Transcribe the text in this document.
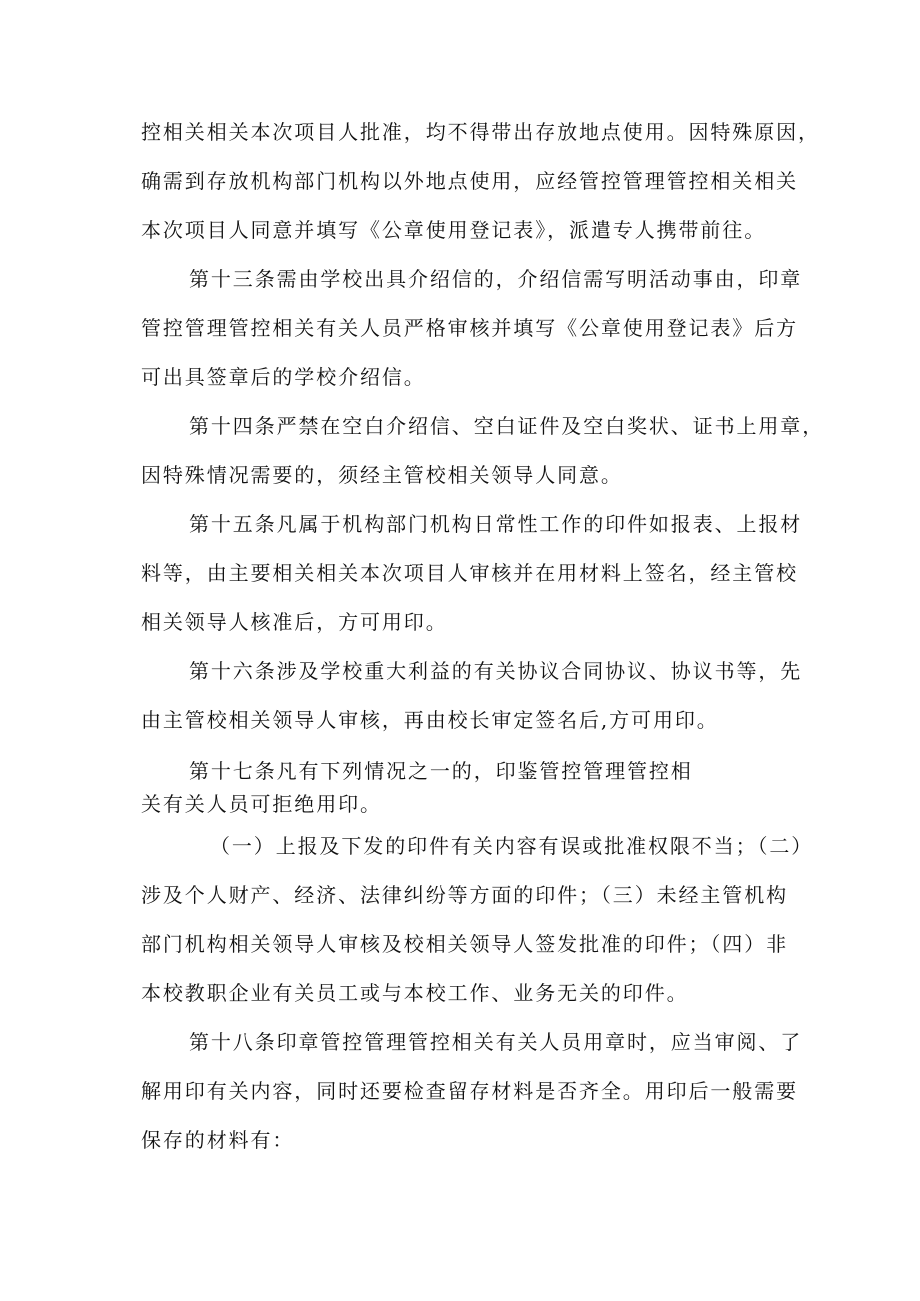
控相关相关本次项目人批准，均不得带出存放地点使用。因特殊原因，

确需到存放机构部门机构以外地点使用，应经管控管理管控相关相关

本次项目人同意并填写《公章使用登记表》，派遣专人携带前往。

第十三条需由学校出具介绍信的，介绍信需写明活动事由，印章

管控管理管控相关有关人员严格审核并填写《公章使用登记表》后方

可出具签章后的学校介绍信。

第十四条严禁在空白介绍信、空白证件及空白奖状、证书上用章，

因特殊情况需要的，须经主管校相关领导人同意。

第十五条凡属于机构部门机构日常性工作的印件如报表、上报材

料等，由主要相关相关本次项目人审核并在用材料上签名，经主管校

相关领导人核准后，方可用印。

第十六条涉及学校重大利益的有关协议合同协议、协议书等，先

由主管校相关领导人审核，再由校长审定签名后,方可用印。

第十七条凡有下列情况之一的，印鉴管控管理管控相

关有关人员可拒绝用印。

（一）上报及下发的印件有关内容有误或批准权限不当；（二）

涉及个人财产、经济、法律纠纷等方面的印件；（三）未经主管机构

部门机构相关领导人审核及校相关领导人签发批准的印件；（四）非

本校教职企业有关员工或与本校工作、业务无关的印件。

第十八条印章管控管理管控相关有关人员用章时，应当审阅、了

解用印有关内容，同时还要检查留存材料是否齐全。用印后一般需要

保存的材料有：
